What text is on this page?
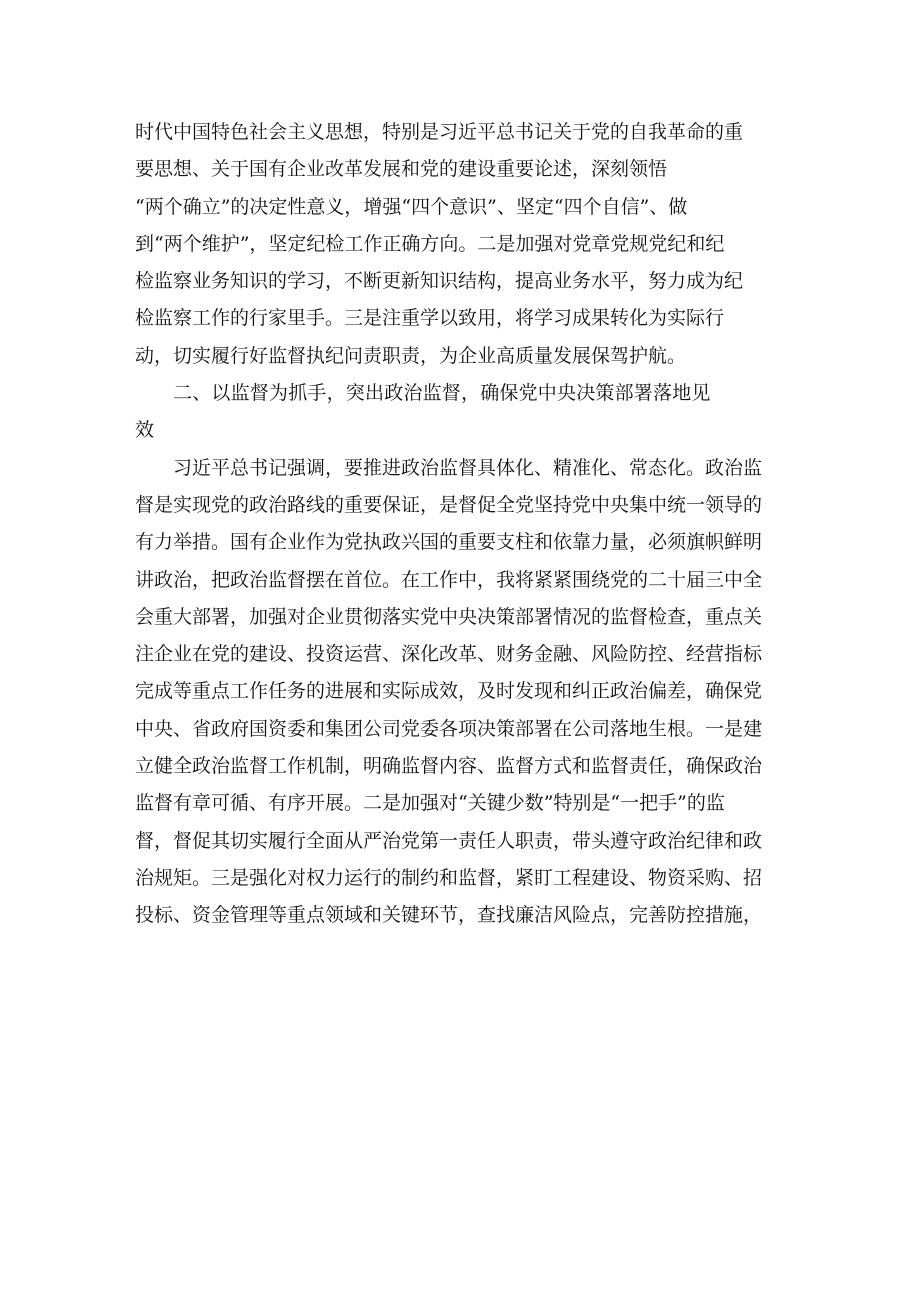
时代中国特色社会主义思想，特别是习近平总书记关于党的自我革命的重
要思想、关于国有企业改革发展和党的建设重要论述，深刻领悟
“两个确立”的决定性意义，增强“四个意识”、坚定“四个自信”、做
到“两个维护”，坚定纪检工作正确方向。二是加强对党章党规党纪和纪
检监察业务知识的学习，不断更新知识结构，提高业务水平，努力成为纪
检监察工作的行家里手。三是注重学以致用，将学习成果转化为实际行
动，切实履行好监督执纪问责职责，为企业高质量发展保驾护航。
二、以监督为抓手，突出政治监督，确保党中央决策部署落地见
效
习近平总书记强调，要推进政治监督具体化、精准化、常态化。政治监
督是实现党的政治路线的重要保证，是督促全党坚持党中央集中统一领导的
有力举措。国有企业作为党执政兴国的重要支柱和依靠力量，必须旗帜鲜明
讲政治，把政治监督摆在首位。在工作中，我将紧紧围绕党的二十届三中全
会重大部署，加强对企业贯彻落实党中央决策部署情况的监督检查，重点关
注企业在党的建设、投资运营、深化改革、财务金融、风险防控、经营指标
完成等重点工作任务的进展和实际成效，及时发现和纠正政治偏差，确保党
中央、省政府国资委和集团公司党委各项决策部署在公司落地生根。一是建
立健全政治监督工作机制，明确监督内容、监督方式和监督责任，确保政治
监督有章可循、有序开展。二是加强对“关键少数”特别是“一把手”的监
督，督促其切实履行全面从严治党第一责任人职责，带头遵守政治纪律和政
治规矩。三是强化对权力运行的制约和监督，紧盯工程建设、物资采购、招
投标、资金管理等重点领域和关键环节，查找廉洁风险点，完善防控措施，
